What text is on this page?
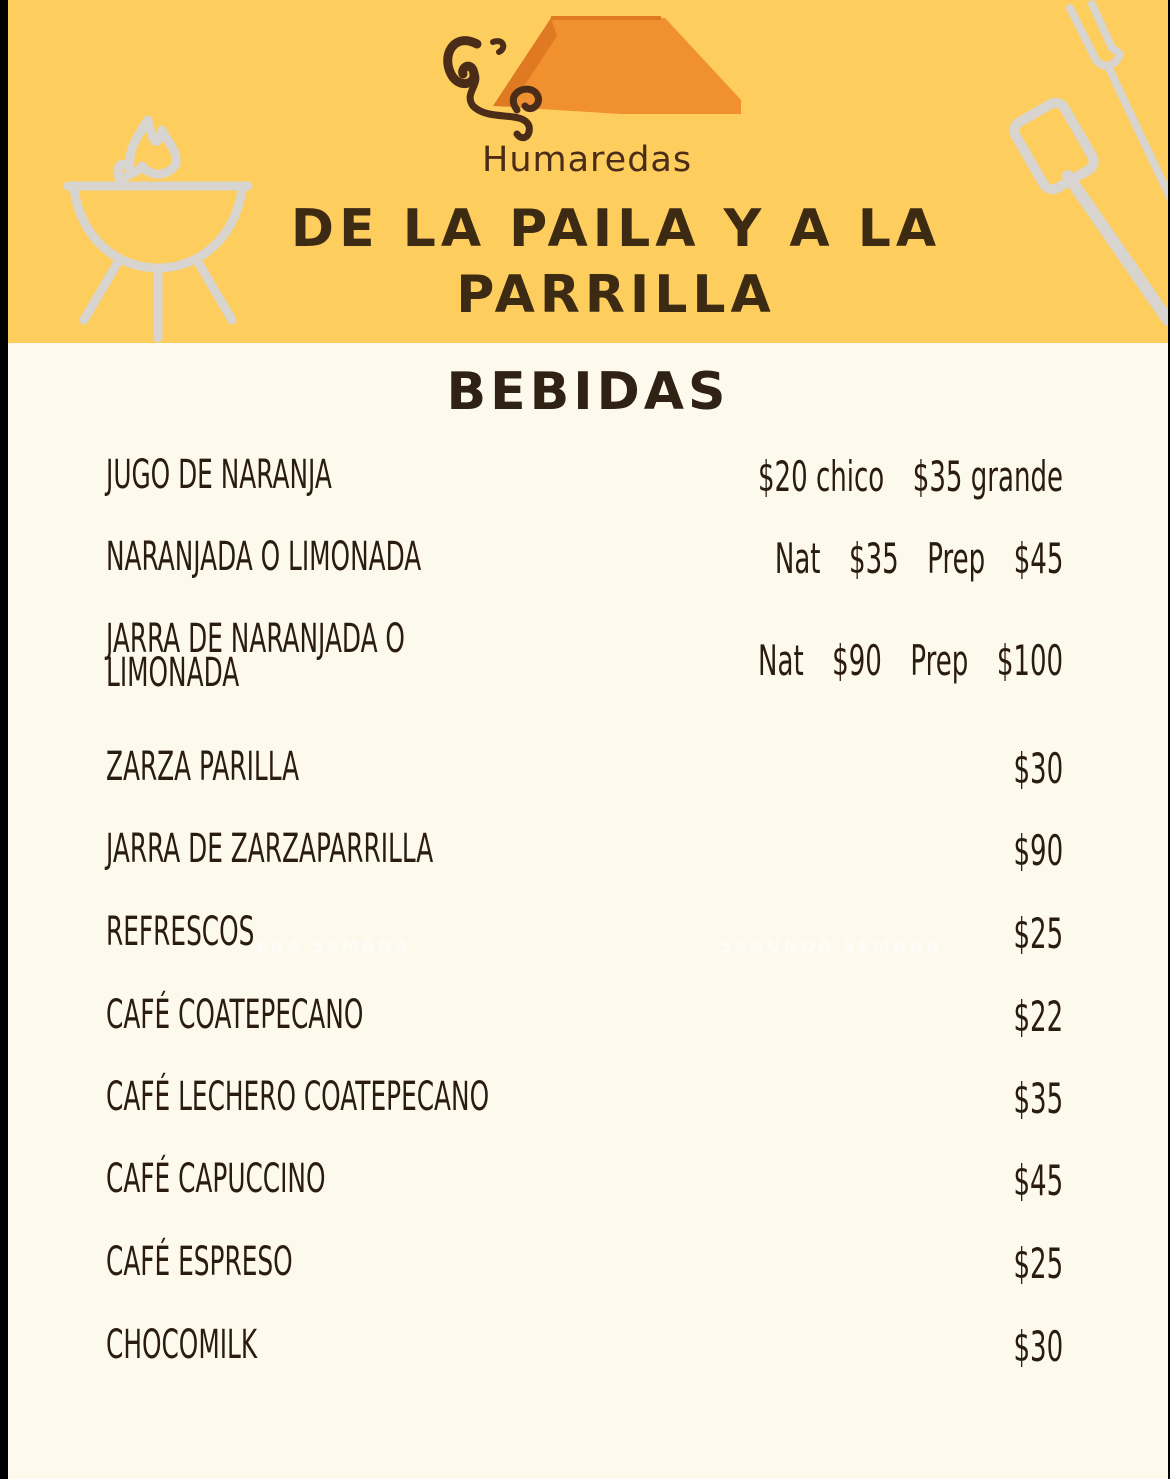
Humaredas
DE LA PAILA Y A LA
PARRILLA
BEBIDAS
ERA SEMANA	SEGUNDA SEMANA
JUGO DE NARANJA	$20 chico $35 grande
NARANJADA O LIMONADA	Nat $35 Prep $45
JARRA DE NARANJADA O LIMONADA	Nat $90 Prep $100
ZARZA PARILLA	$30
JARRA DE ZARZAPARRILLA	$90
REFRESCOS	$25
CAFÉ COATEPECANO	$22
CAFÉ LECHERO COATEPECANO	$35
CAFÉ CAPUCCINO	$45
CAFÉ ESPRESO	$25
CHOCOMILK	$30
